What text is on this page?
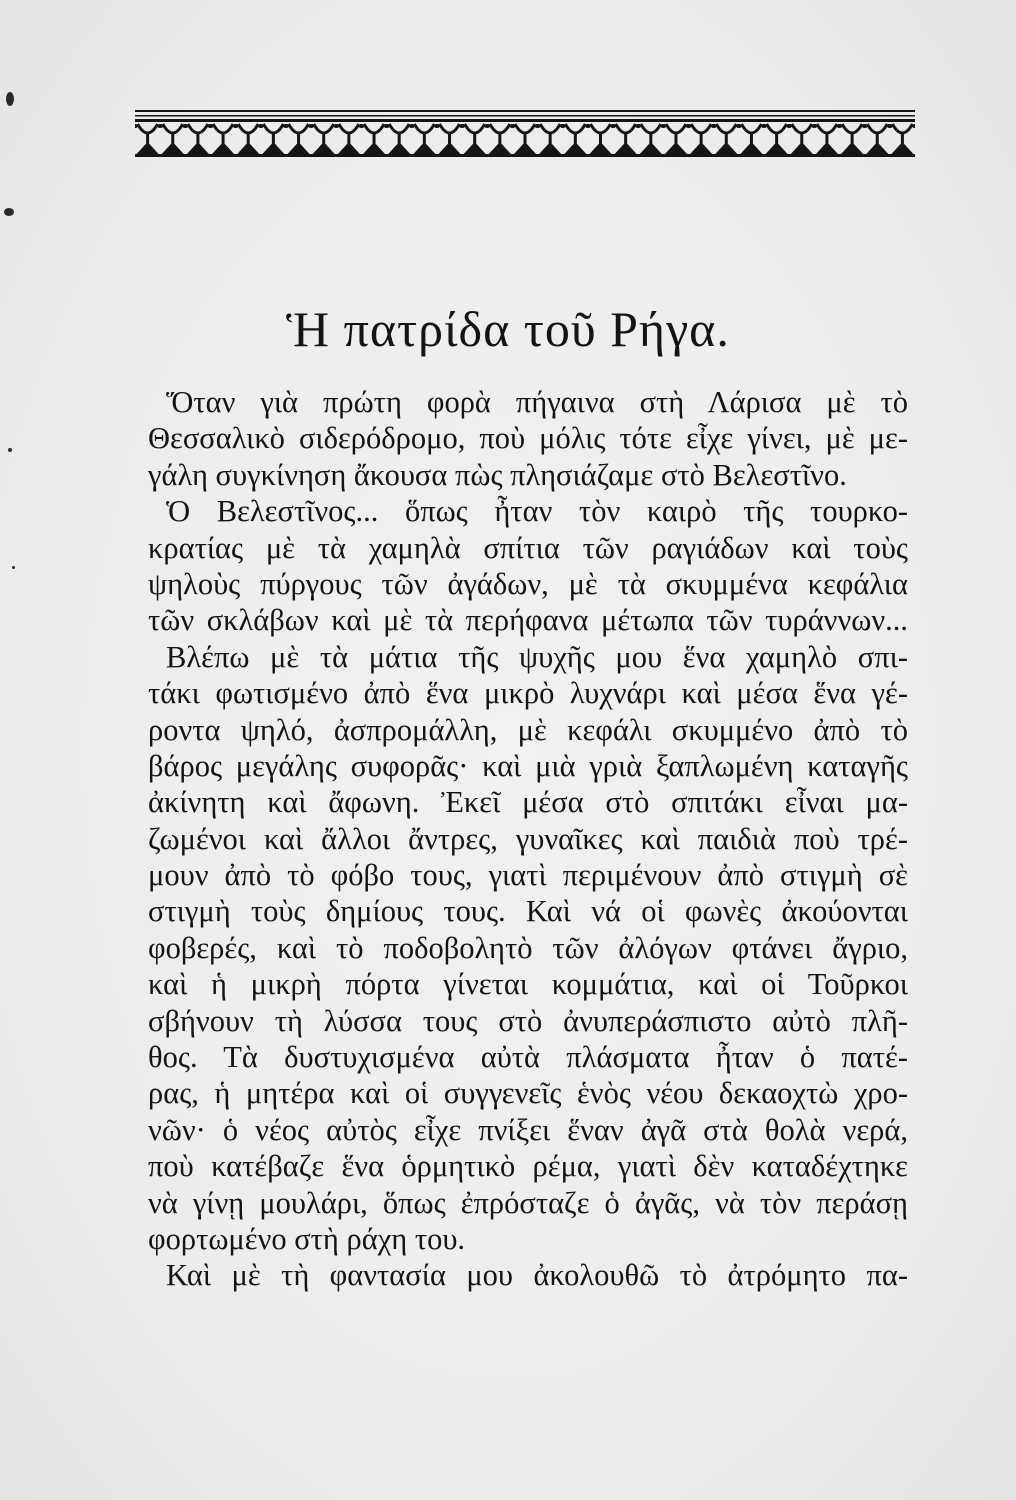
Ἡ πατρίδα τοῦ Ρήγα.
Ὅταν γιὰ πρώτη φορὰ πήγαινα στὴ Λάρισα μὲ τὸ
Θεσσαλικὸ σιδερόδρομο, ποὺ μόλις τότε εἶχε γίνει, μὲ με-
γάλη συγκίνηση ἄκουσα πὼς πλησιάζαμε στὸ Βελεστῖνο.
Ὁ Βελεστῖνος... ὅπως ἦταν τὸν καιρὸ τῆς τουρκο-
κρατίας μὲ τὰ χαμηλὰ σπίτια τῶν ραγιάδων καὶ τοὺς
ψηλοὺς πύργους τῶν ἀγάδων, μὲ τὰ σκυμμένα κεφάλια
τῶν σκλάβων καὶ μὲ τὰ περήφανα μέτωπα τῶν τυράννων...
Βλέπω μὲ τὰ μάτια τῆς ψυχῆς μου ἕνα χαμηλὸ σπι-
τάκι φωτισμένο ἀπὸ ἕνα μικρὸ λυχνάρι καὶ μέσα ἕνα γέ-
ροντα ψηλό, ἀσπρομάλλη, μὲ κεφάλι σκυμμένο ἀπὸ τὸ
βάρος μεγάλης συφορᾶς· καὶ μιὰ γριὰ ξαπλωμένη καταγῆς
ἀκίνητη καὶ ἄφωνη. Ἐκεῖ μέσα στὸ σπιτάκι εἶναι μα-
ζωμένοι καὶ ἄλλοι ἄντρες, γυναῖκες καὶ παιδιὰ ποὺ τρέ-
μουν ἀπὸ τὸ φόβο τους, γιατὶ περιμένουν ἀπὸ στιγμὴ σὲ
στιγμὴ τοὺς δημίους τους. Καὶ νά οἱ φωνὲς ἀκούονται
φοβερές, καὶ τὸ ποδοβολητὸ τῶν ἀλόγων φτάνει ἄγριο,
καὶ ἡ μικρὴ πόρτα γίνεται κομμάτια, καὶ οἱ Τοῦρκοι
σβήνουν τὴ λύσσα τους στὸ ἀνυπεράσπιστο αὐτὸ πλῆ-
θος. Τὰ δυστυχισμένα αὐτὰ πλάσματα ἦταν ὁ πατέ-
ρας, ἡ μητέρα καὶ οἱ συγγενεῖς ἑνὸς νέου δεκαοχτὼ χρο-
νῶν· ὁ νέος αὐτὸς εἶχε πνίξει ἕναν ἀγᾶ στὰ θολὰ νερά,
ποὺ κατέβαζε ἕνα ὁρμητικὸ ρέμα, γιατὶ δὲν καταδέχτηκε
νὰ γίνῃ μουλάρι, ὅπως ἐπρόσταζε ὁ ἀγᾶς, νὰ τὸν περάσῃ
φορτωμένο στὴ ράχη του.
Καὶ μὲ τὴ φαντασία μου ἀκολουθῶ τὸ ἀτρόμητο πα-
